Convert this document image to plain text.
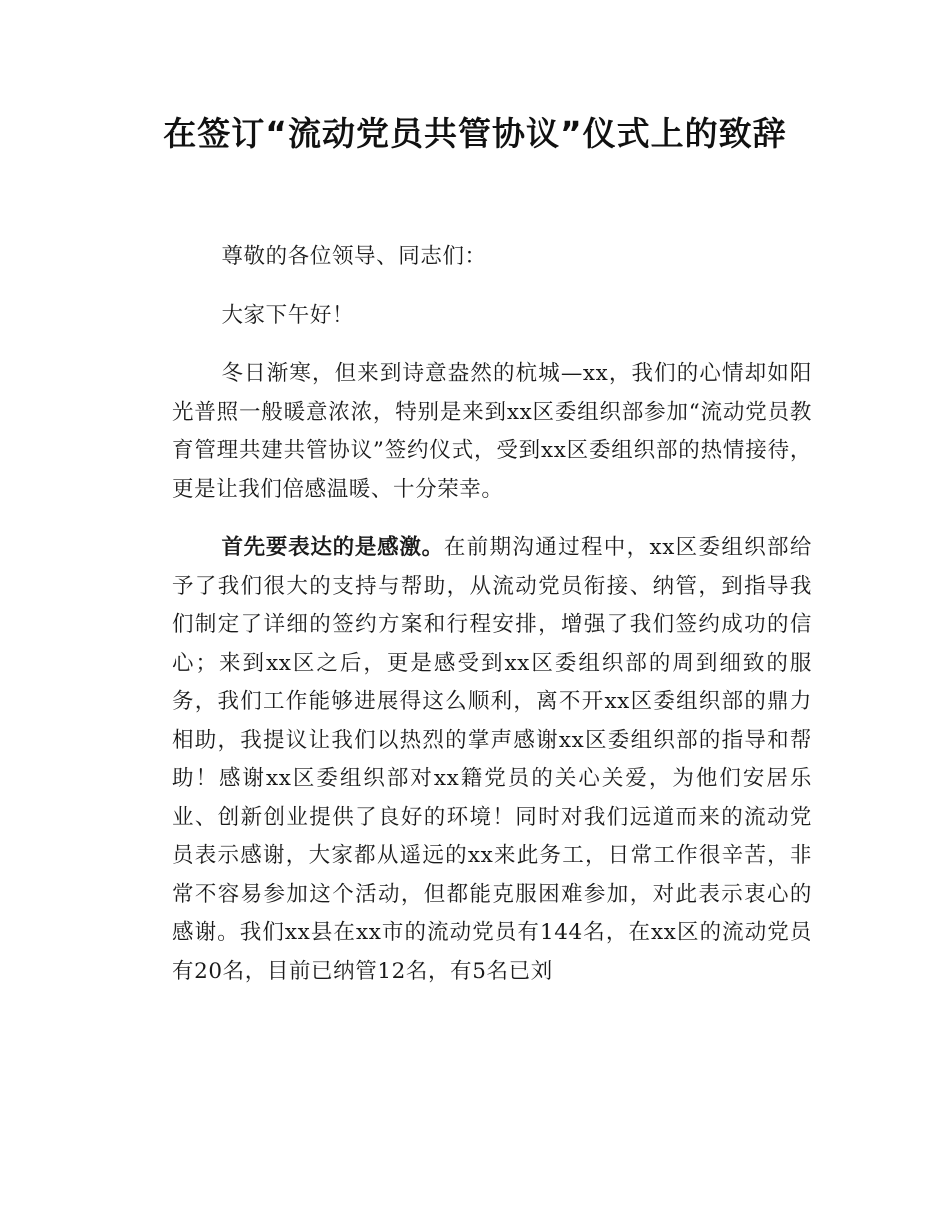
在签订“流动党员共管协议”仪式上的致辞

尊敬的各位领导、同志们：

大家下午好！

冬日渐寒，但来到诗意盎然的杭城—xx，我们的心情却如阳光普照一般暖意浓浓，特别是来到xx区委组织部参加“流动党员教育管理共建共管协议”签约仪式，受到xx区委组织部的热情接待，更是让我们倍感温暖、十分荣幸。

首先要表达的是感激。在前期沟通过程中，xx区委组织部给予了我们很大的支持与帮助，从流动党员衔接、纳管，到指导我们制定了详细的签约方案和行程安排，增强了我们签约成功的信心；来到xx区之后，更是感受到xx区委组织部的周到细致的服务，我们工作能够进展得这么顺利，离不开xx区委组织部的鼎力相助，我提议让我们以热烈的掌声感谢xx区委组织部的指导和帮助！感谢xx区委组织部对xx籍党员的关心关爱，为他们安居乐业、创新创业提供了良好的环境！同时对我们远道而来的流动党员表示感谢，大家都从遥远的xx来此务工，日常工作很辛苦，非常不容易参加这个活动，但都能克服困难参加，对此表示衷心的感谢。我们xx县在xx市的流动党员有144名，在xx区的流动党员有20名，目前已纳管12名，有5名已刘
